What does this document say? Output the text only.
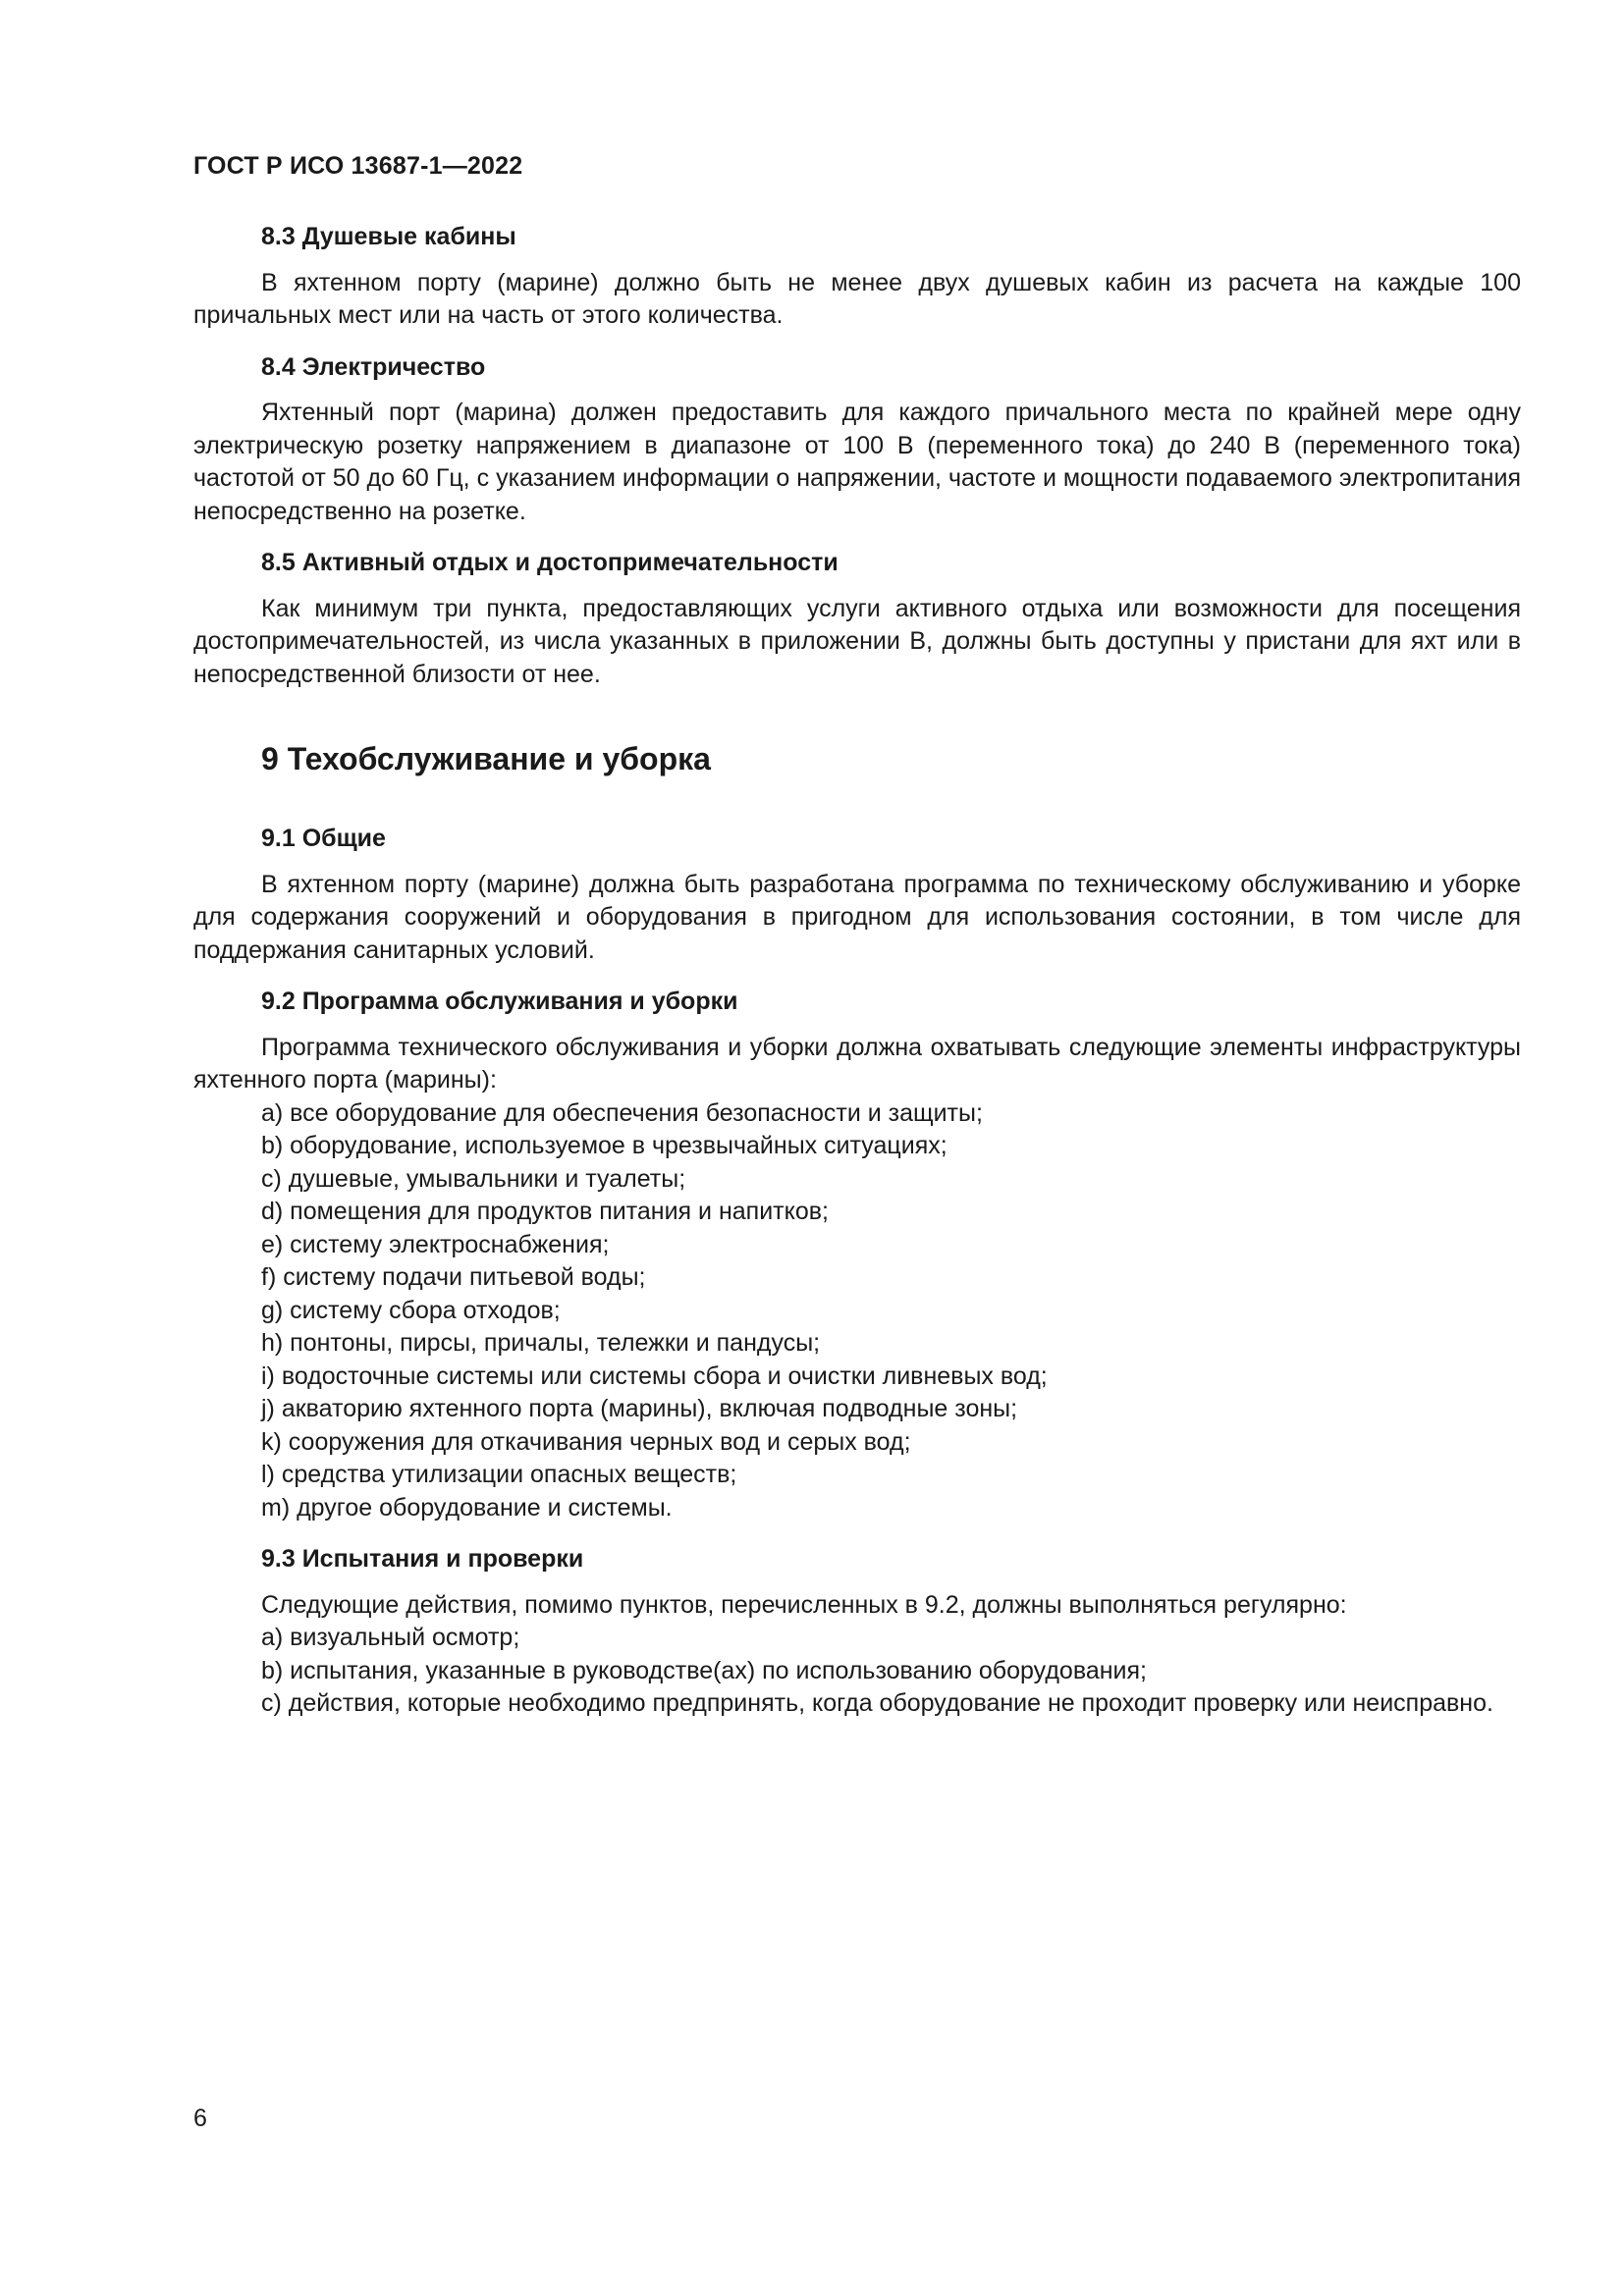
ГОСТ Р ИСО 13687-1—2022
8.3 Душевые кабины

В яхтенном порту (марине) должно быть не менее двух душевых кабин из расчета на каждые 100 причальных мест или на часть от этого количества.

8.4 Электричество

Яхтенный порт (марина) должен предоставить для каждого причального места по крайней мере одну электрическую розетку напряжением в диапазоне от 100 В (переменного тока) до 240 В (переменного тока) частотой от 50 до 60 Гц, с указанием информации о напряжении, частоте и мощности подаваемого электропитания непосредственно на розетке.

8.5 Активный отдых и достопримечательности

Как минимум три пункта, предоставляющих услуги активного отдыха или возможности для посещения достопримечательностей, из числа указанных в приложении В, должны быть доступны у пристани для яхт или в непосредственной близости от нее.

9 Техобслуживание и уборка
9.1 Общие

В яхтенном порту (марине) должна быть разработана программа по техническому обслуживанию и уборке для содержания сооружений и оборудования в пригодном для использования состоянии, в том числе для поддержания санитарных условий.

9.2 Программа обслуживания и уборки

Программа технического обслуживания и уборки должна охватывать следующие элементы инфраструктуры яхтенного порта (марины):

a) все оборудование для обеспечения безопасности и защиты;
b) оборудование, используемое в чрезвычайных ситуациях;
c) душевые, умывальники и туалеты;
d) помещения для продуктов питания и напитков;
e) систему электроснабжения;
f) систему подачи питьевой воды;
g) систему сбора отходов;
h) понтоны, пирсы, причалы, тележки и пандусы;
i) водосточные системы или системы сбора и очистки ливневых вод;
j) акваторию яхтенного порта (марины), включая подводные зоны;
k) сооружения для откачивания черных вод и серых вод;
l) средства утилизации опасных веществ;
m) другое оборудование и системы.
9.3 Испытания и проверки

Следующие действия, помимо пунктов, перечисленных в 9.2, должны выполняться регулярно:

a) визуальный осмотр;
b) испытания, указанные в руководстве(ах) по использованию оборудования;
c) действия, которые необходимо предпринять, когда оборудование не проходит проверку или неисправно.
6
